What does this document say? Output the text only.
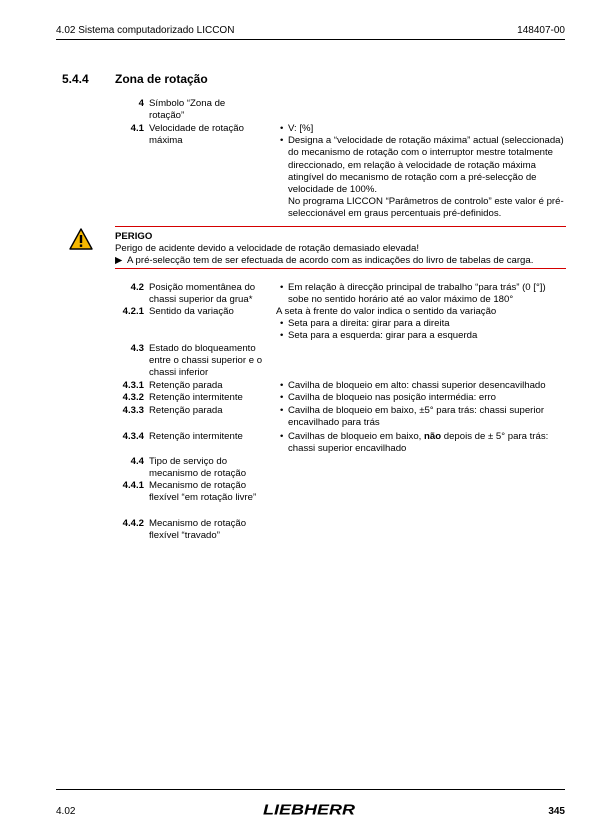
4.02 Sistema computadorizado LICCON	148407-00
5.4.4 Zona de rotação
4 Símbolo “Zona de rotação”
4.1 Velocidade de rotação máxima
• V: [%]
• Designa a “velocidade de rotação máxima” actual (seleccionada) do mecanismo de rotação com o interruptor mestre totalmente direccionado, em relação à velocidade de rotação máxima atingível do mecanismo de rotação com a pré-selecção de velocidade de 100%.
No programa LICCON “Parâmetros de controlo” este valor é pré-seleccionável em graus percentuais pré-definidos.
PERIGO
Perigo de acidente devido a velocidade de rotação demasiado elevada!
▶ A pré-selecção tem de ser efectuada de acordo com as indicações do livro de tabelas de carga.
4.2 Posição momentânea do chassi superior da grua*
• Em relação à direcção principal de trabalho “para trás” (0 [°]) sobe no sentido horário até ao valor máximo de 180°
4.2.1 Sentido da variação	A seta à frente do valor indica o sentido da variação
• Seta para a direita: girar para a direita
• Seta para a esquerda: girar para a esquerda
4.3 Estado do bloqueamento entre o chassi superior e o chassi inferior
4.3.1 Retenção parada	• Cavilha de bloqueio em alto: chassi superior desencavilhado
4.3.2 Retenção intermitente	• Cavilha de bloqueio nas posição intermédia: erro
4.3.3 Retenção parada	• Cavilha de bloqueio em baixo, ±5° para trás: chassi superior encavilhado para trás
4.3.4 Retenção intermitente	• Cavilhas de bloqueio em baixo, não depois de ± 5° para trás: chassi superior encavilhado
4.4 Tipo de serviço do mecanismo de rotação
4.4.1 Mecanismo de rotação flexível “em rotação livre”
4.4.2 Mecanismo de rotação flexível “travado”
4.02	LIEBHERR	345
